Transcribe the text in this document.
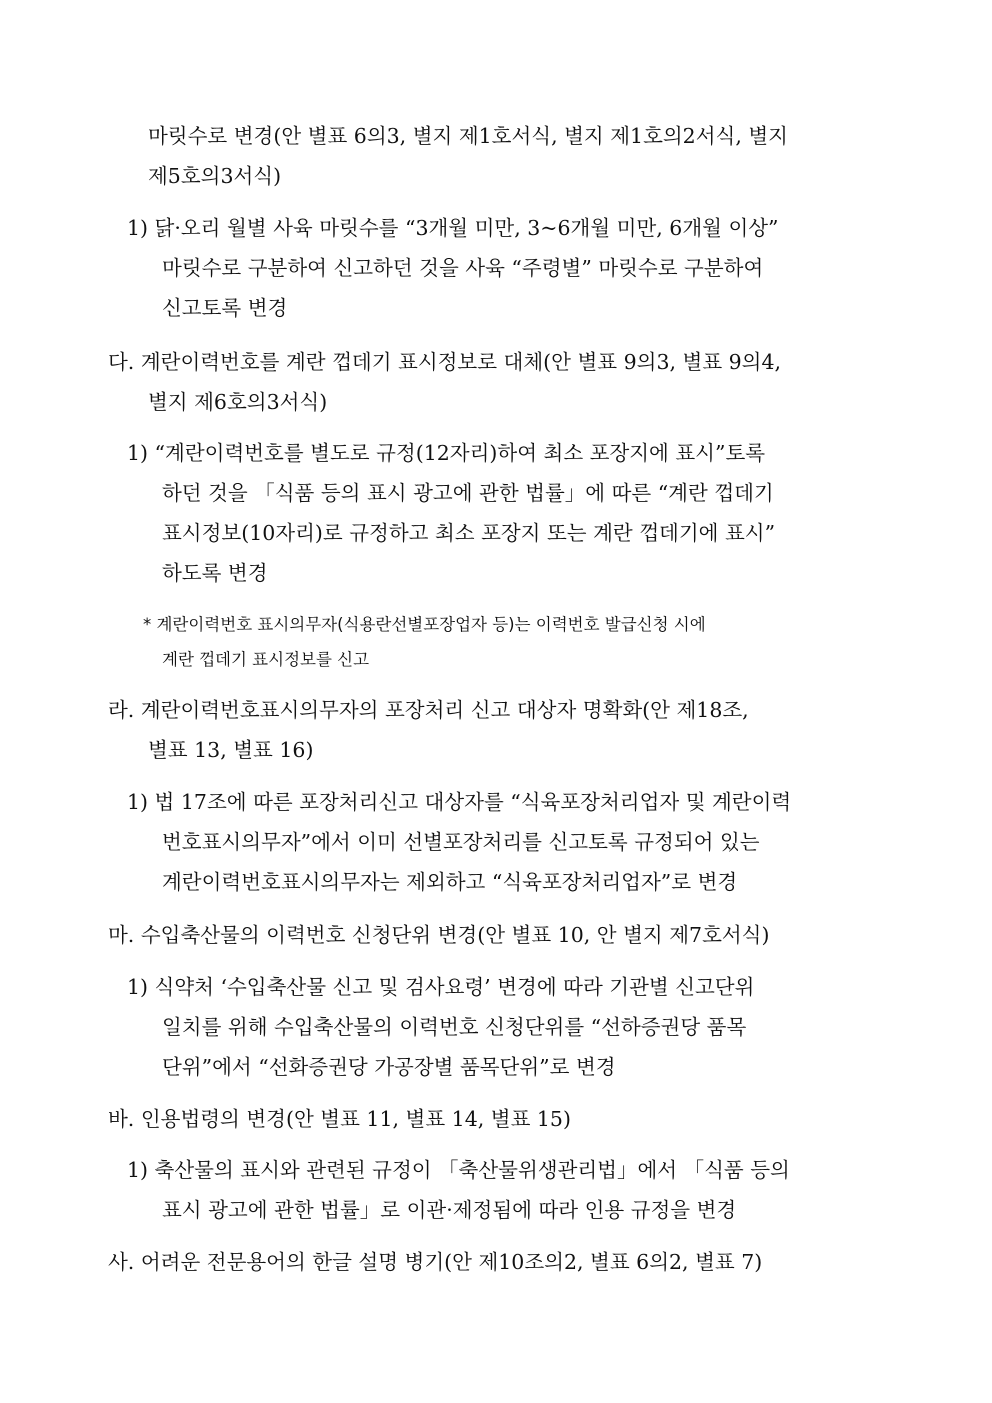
마릿수로 변경(안 별표 6의3, 별지 제1호서식, 별지 제1호의2서식, 별지
제5호의3서식)
1) 닭·오리 월별 사육 마릿수를 “3개월 미만, 3~6개월 미만, 6개월 이상”
마릿수로 구분하여 신고하던 것을 사육 “주령별” 마릿수로 구분하여
신고토록 변경
다. 계란이력번호를 계란 껍데기 표시정보로 대체(안 별표 9의3, 별표 9의4,
별지 제6호의3서식)
1) “계란이력번호를 별도로 규정(12자리)하여 최소 포장지에 표시”토록
하던 것을 「식품 등의 표시 광고에 관한 법률」에 따른 “계란 껍데기
표시정보(10자리)로 규정하고 최소 포장지 또는 계란 껍데기에 표시”
하도록 변경
* 계란이력번호 표시의무자(식용란선별포장업자 등)는 이력번호 발급신청 시에
계란 껍데기 표시정보를 신고
라. 계란이력번호표시의무자의 포장처리 신고 대상자 명확화(안 제18조,
별표 13, 별표 16)
1) 법 17조에 따른 포장처리신고 대상자를 “식육포장처리업자 및 계란이력
번호표시의무자”에서 이미 선별포장처리를 신고토록 규정되어 있는
계란이력번호표시의무자는 제외하고 “식육포장처리업자”로 변경
마. 수입축산물의 이력번호 신청단위 변경(안 별표 10, 안 별지 제7호서식)
1) 식약처 ‘수입축산물 신고 및 검사요령’ 변경에 따라 기관별 신고단위
일치를 위해 수입축산물의 이력번호 신청단위를 “선하증권당 품목
단위”에서 “선화증권당 가공장별 품목단위”로 변경
바. 인용법령의 변경(안 별표 11, 별표 14, 별표 15)
1) 축산물의 표시와 관련된 규정이 「축산물위생관리법」에서 「식품 등의
표시 광고에 관한 법률」로 이관·제정됨에 따라 인용 규정을 변경
사. 어려운 전문용어의 한글 설명 병기(안 제10조의2, 별표 6의2, 별표 7)
